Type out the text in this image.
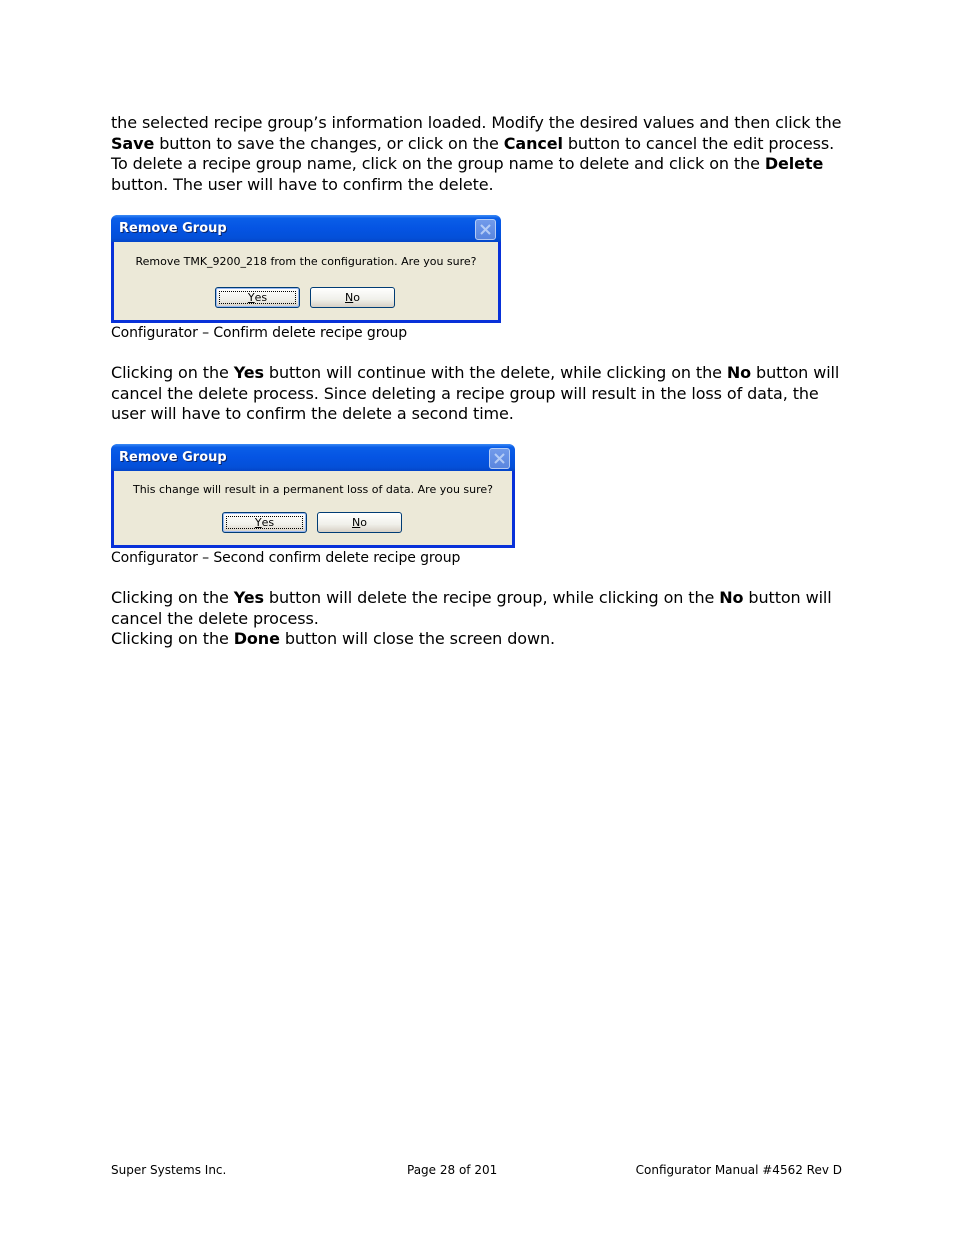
the selected recipe group’s information loaded. Modify the desired values and then click the Save button to save the changes, or click on the Cancel button to cancel the edit process.
To delete a recipe group name, click on the group name to delete and click on the Delete
button. The user will have to confirm the delete.

Remove Group
Remove TMK_9200_218 from the configuration. Are you sure?
Y es	N o
Configurator – Confirm delete recipe group

Clicking on the Yes button will continue with the delete, while clicking on the No button will cancel the delete process. Since deleting a recipe group will result in the loss of data, the user will have to confirm the delete a second time.

Remove Group
This change will result in a permanent loss of data. Are you sure?
Y es	N o
Configurator – Second confirm delete recipe group

Clicking on the Yes button will delete the recipe group, while clicking on the No button will cancel the delete process.
Clicking on the Done button will close the screen down.

Super Systems Inc.	Page 28 of 201	Configurator Manual #4562 Rev D
